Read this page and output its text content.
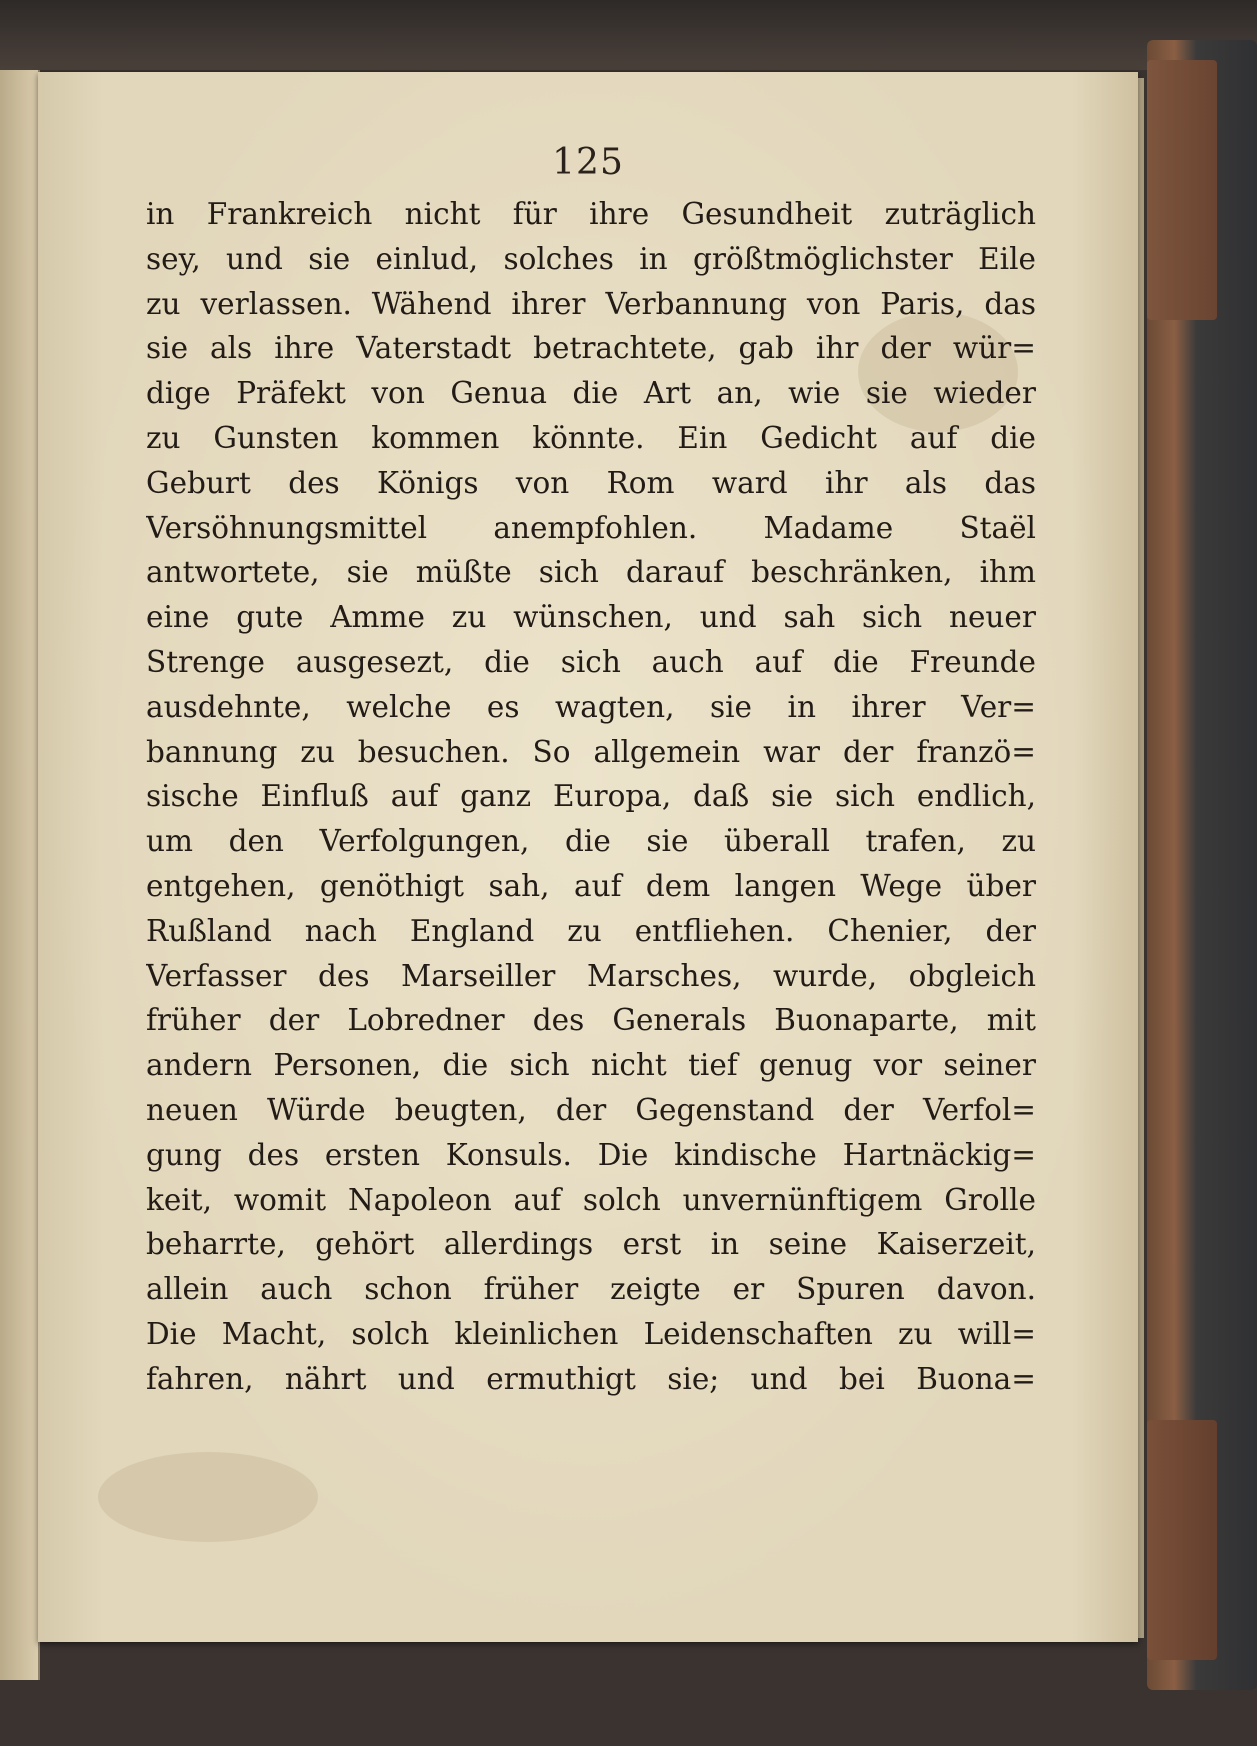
125
in Frankreich nicht für ihre Gesundheit zuträglich
sey, und sie einlud, solches in größtmöglichster Eile
zu verlassen. Wähend ihrer Verbannung von Paris, das
sie als ihre Vaterstadt betrachtete, gab ihr der wür=
dige Präfekt von Genua die Art an, wie sie wieder
zu Gunsten kommen könnte. Ein Gedicht auf die
Geburt des Königs von Rom ward ihr als das
Versöhnungsmittel anempfohlen. Madame Staël
antwortete, sie müßte sich darauf beschränken, ihm
eine gute Amme zu wünschen, und sah sich neuer
Strenge ausgesezt, die sich auch auf die Freunde
ausdehnte, welche es wagten, sie in ihrer Ver=
bannung zu besuchen. So allgemein war der franzö=
sische Einfluß auf ganz Europa, daß sie sich endlich,
um den Verfolgungen, die sie überall trafen, zu
entgehen, genöthigt sah, auf dem langen Wege über
Rußland nach England zu entfliehen. Chenier, der
Verfasser des Marseiller Marsches, wurde, obgleich
früher der Lobredner des Generals Buonaparte, mit
andern Personen, die sich nicht tief genug vor seiner
neuen Würde beugten, der Gegenstand der Verfol=
gung des ersten Konsuls. Die kindische Hartnäckig=
keit, womit Napoleon auf solch unvernünftigem Grolle
beharrte, gehört allerdings erst in seine Kaiserzeit,
allein auch schon früher zeigte er Spuren davon.
Die Macht, solch kleinlichen Leidenschaften zu will=
fahren, nährt und ermuthigt sie; und bei Buona=
